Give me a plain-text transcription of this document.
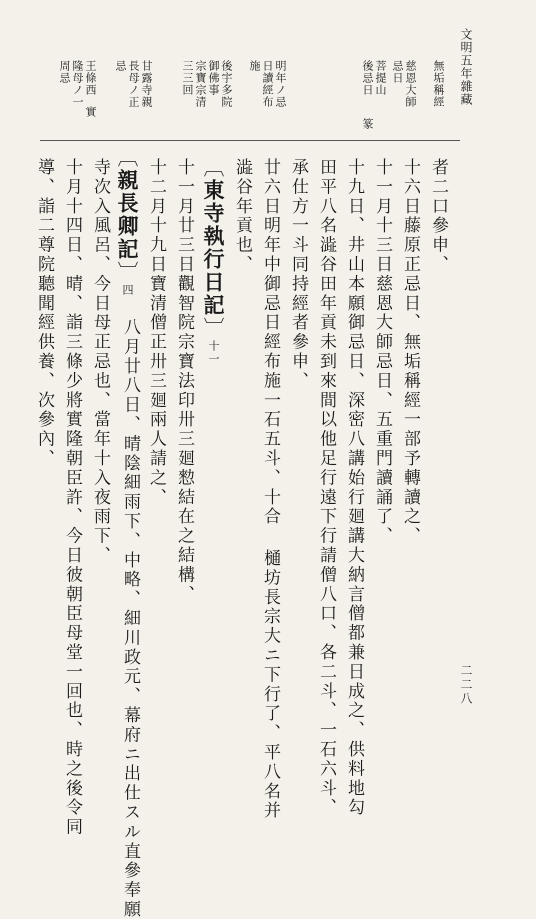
文明五年雜藏
二二八
無垢稱經
慈恩大師
忌日
菩提山
後忌日
篆
明年ノ忌
日讀經布
施
後宇多院
御佛事
宗寶宗清
三三回
甘露寺親
長母ノ正
忌
王條西
隆母ノ一
周忌
實
者二口參申、
十六日藤原正忌日、無垢稱經一部予轉讀之、
十一月十三日慈恩大師忌日、五重門讀誦了、
十九日、井山本願御忌日、深密八講始行廻講大納言僧都兼日成之、供料地勾
田平八名澁谷田年貢未到來間以他足行遠下行請僧八口、各二斗、一石六斗、
承仕方一斗同持經者參申、
廿六日明年中御忌日經布施一石五斗、十合 樋坊長宗大ニ下行了、平八名并
澁谷年貢也、
〔東寺執行日記〕十一
十一月廿三日觀智院宗寶法印卅三廻愸結在之結構、
十二月十九日寶清僧正卅三廻兩人請之、
〔親長卿記〕四
八月廿八日、晴陰細雨下、中略、細川政元、幕府ニ出仕スル直參奉願
寺次入風呂、今日母正忌也、當年十入夜雨下、
十月十四日、晴、詣三條少將實隆朝臣許、今日彼朝臣母堂一回也、時之後令同
導、詣二尊院聽聞經供養、次參內、
